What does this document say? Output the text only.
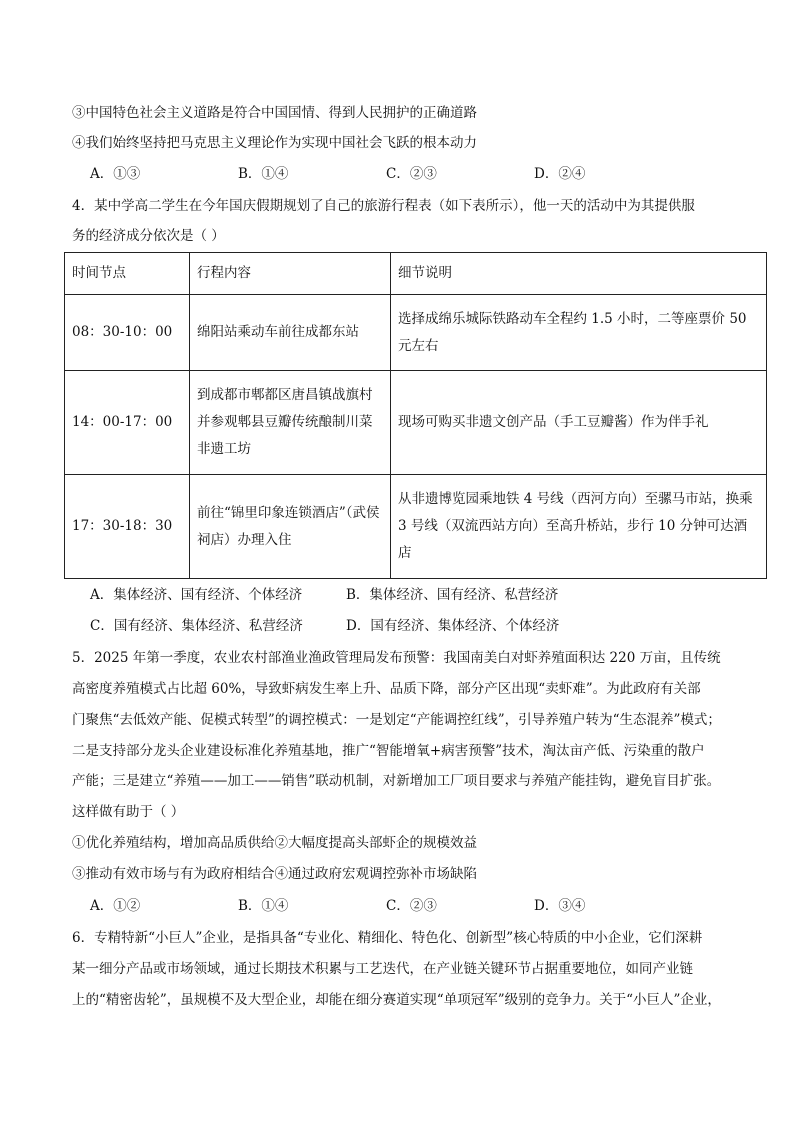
③中国特色社会主义道路是符合中国国情、得到人民拥护的正确道路
④我们始终坚持把马克思主义理论作为实现中国社会飞跃的根本动力
A．①③	B．①④	C．②③	D．②④
4．某中学高二学生在今年国庆假期规划了自己的旅游行程表（如下表所示），他一天的活动中为其提供服
务的经济成分依次是（ ）
时间节点	行程内容	细节说明
08：30-10：00	绵阳站乘动车前往成都东站	选择成绵乐城际铁路动车全程约 1.5 小时，二等座票价 50 元左右
14：00-17：00	到成都市郫都区唐昌镇战旗村并参观郫县豆瓣传统酿制川菜非遗工坊	现场可购买非遗文创产品（手工豆瓣酱）作为伴手礼
17：30-18：30	前往“锦里印象连锁酒店”（武侯祠店）办理入住	从非遗博览园乘地铁 4 号线（西河方向）至骡马市站，换乘 3 号线（双流西站方向）至高升桥站，步行 10 分钟可达酒店
A．集体经济、国有经济、个体经济	B．集体经济、国有经济、私营经济
C．国有经济、集体经济、私营经济	D．国有经济、集体经济、个体经济
5．2025 年第一季度，农业农村部渔业渔政管理局发布预警：我国南美白对虾养殖面积达 220 万亩，且传统
高密度养殖模式占比超 60%，导致虾病发生率上升、品质下降，部分产区出现“卖虾难”。为此政府有关部
门聚焦“去低效产能、促模式转型”的调控模式：一是划定“产能调控红线”，引导养殖户转为“生态混养”模式；
二是支持部分龙头企业建设标准化养殖基地，推广“智能增氧+病害预警”技术，淘汰亩产低、污染重的散户
产能；三是建立“养殖——加工——销售”联动机制，对新增加工厂项目要求与养殖产能挂钩，避免盲目扩张。
这样做有助于（ ）
①优化养殖结构，增加高品质供给②大幅度提高头部虾企的规模效益
③推动有效市场与有为政府相结合④通过政府宏观调控弥补市场缺陷
A．①②	B．①④	C．②③	D．③④
6．专精特新“小巨人”企业，是指具备“专业化、精细化、特色化、创新型”核心特质的中小企业，它们深耕
某一细分产品或市场领域，通过长期技术积累与工艺迭代，在产业链关键环节占据重要地位，如同产业链
上的“精密齿轮”，虽规模不及大型企业，却能在细分赛道实现“单项冠军”级别的竞争力。关于“小巨人”企业，
